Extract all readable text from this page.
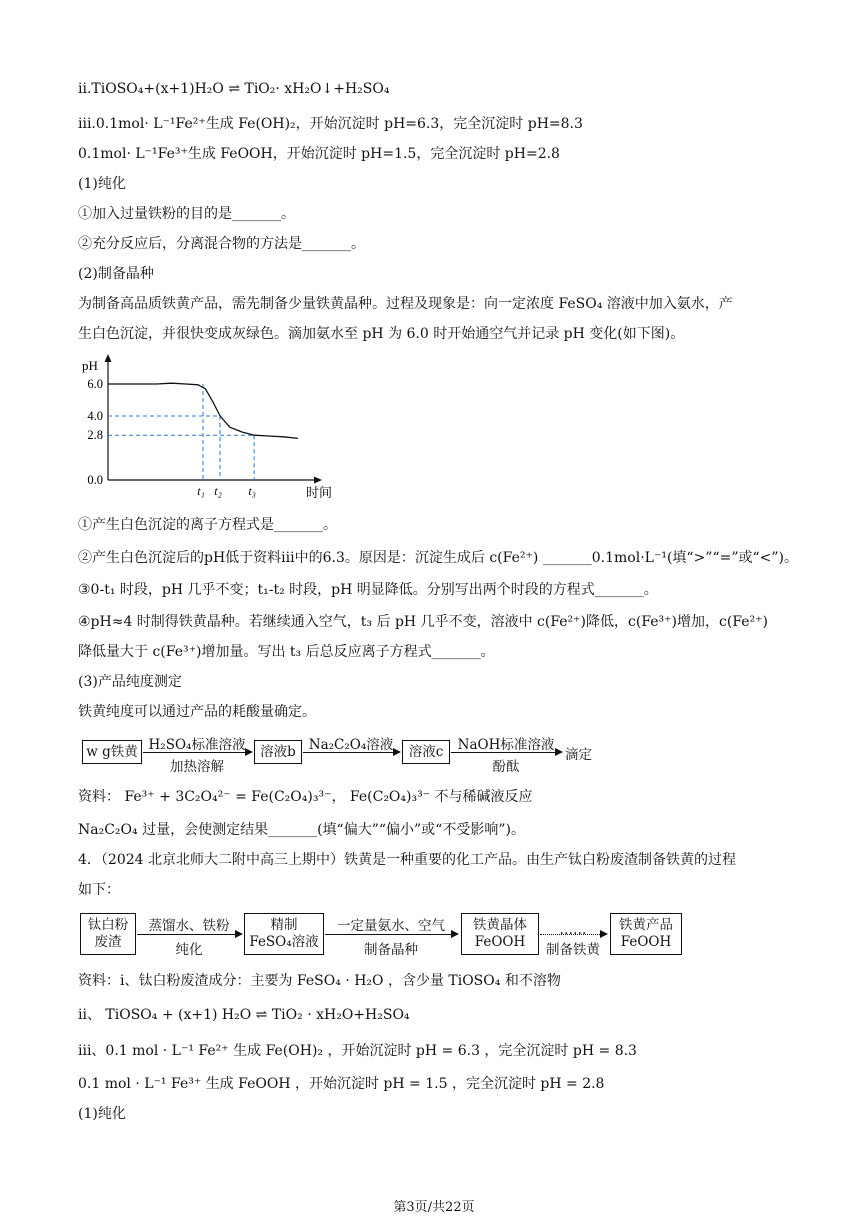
ii.TiOSO₄+(x+1)H₂O ⇌ TiO₂· xH₂O↓+H₂SO₄
iii.0.1mol· L⁻¹Fe²⁺生成 Fe(OH)₂，开始沉淀时 pH=6.3，完全沉淀时 pH=8.3
0.1mol· L⁻¹Fe³⁺生成 FeOOH，开始沉淀时 pH=1.5，完全沉淀时 pH=2.8
(1)纯化
①加入过量铁粉的目的是_______。
②充分反应后，分离混合物的方法是_______。
(2)制备晶种
为制备高品质铁黄产品，需先制备少量铁黄晶种。过程及现象是：向一定浓度 FeSO₄ 溶液中加入氨水，产
生白色沉淀，并很快变成灰绿色。滴加氨水至 pH 为 6.0 时开始通空气并记录 pH 变化(如下图)。
pH
6.0
4.0
2.8
0.0
t₁ t₂ t₃	时间
①产生白色沉淀的离子方程式是_______。
②产生白色沉淀后的pH低于资料iii中的6.3。原因是：沉淀生成后 c(Fe²⁺) _______0.1mol·L⁻¹(填“>”“=”或“<”)。
③0-t₁ 时段，pH 几乎不变；t₁-t₂ 时段，pH 明显降低。分别写出两个时段的方程式_______。
④pH≈4 时制得铁黄晶种。若继续通入空气，t₃ 后 pH 几乎不变，溶液中 c(Fe²⁺)降低，c(Fe³⁺)增加，c(Fe²⁺)
降低量大于 c(Fe³⁺)增加量。写出 t₃ 后总反应离子方程式_______。
(3)产品纯度测定
铁黄纯度可以通过产品的耗酸量确定。
w g铁黄 H₂SO₄标准溶液
加热溶解
溶液b Na₂C₂O₄溶液	溶液c	NaOH标准溶液
酚酞
滴定
资料： Fe³⁺ + 3C₂O₄²⁻ = Fe(C₂O₄)₃³⁻， Fe(C₂O₄)₃³⁻ 不与稀碱液反应
Na₂C₂O₄ 过量，会使测定结果_______(填“偏大”“偏小”或“不受影响”)。
4．（2024 北京北师大二附中高三上期中）铁黄是一种重要的化工产品。由生产钛白粉废渣制备铁黄的过程
如下：
钛白粉
废渣
蒸馏水、铁粉
纯化
精制
FeSO₄溶液
一定量氨水、空气
制备晶种
铁黄晶体
FeOOH
……
制备铁黄
铁黄产品
FeOOH
资料：i、钛白粉废渣成分：主要为 FeSO₄ · H₂O ，含少量 TiOSO₄ 和不溶物
ii、 TiOSO₄ + (x+1) H₂O ⇌ TiO₂ · xH₂O+H₂SO₄
iii、0.1 mol · L⁻¹ Fe²⁺ 生成 Fe(OH)₂ ，开始沉淀时 pH = 6.3 ，完全沉淀时 pH = 8.3
0.1 mol · L⁻¹ Fe³⁺ 生成 FeOOH ，开始沉淀时 pH = 1.5 ，完全沉淀时 pH = 2.8
(1)纯化
第3页/共22页
